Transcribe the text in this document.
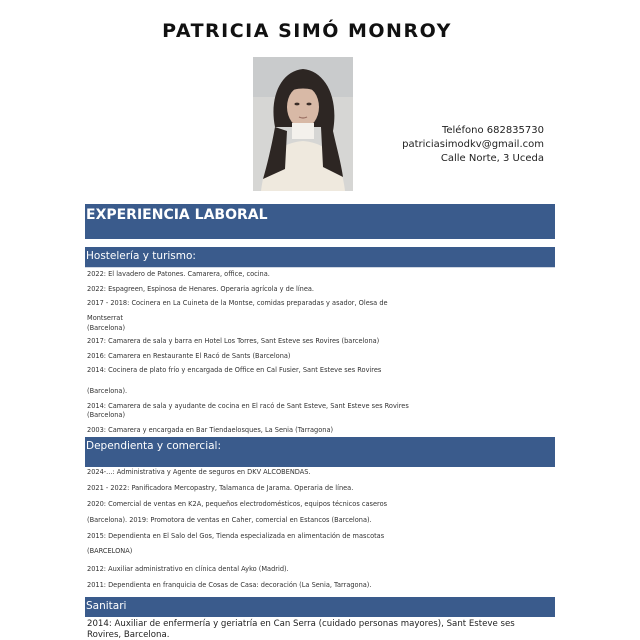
PATRICIA SIMÓ MONROY
Teléfono 682835730
patriciasimodkv@gmail.com
Calle Norte, 3 Uceda
EXPERIENCIA LABORAL
Hostelería y turismo:
2022: El lavadero de Patones. Camarera, office, cocina.
2022: Espagreen, Espinosa de Henares. Operaria agrícola y de línea.
2017 - 2018: Cocinera en La Cuineta de la Montse, comidas preparadas y asador, Olesa de
Montserrat
(Barcelona)
2017: Camarera de sala y barra en Hotel Los Torres, Sant Esteve ses Rovires (barcelona)
2016: Camarera en Restaurante El Racó de Sants (Barcelona)
2014: Cocinera de plato frío y encargada de Office en Cal Fusier, Sant Esteve ses Rovires
(Barcelona).
2014: Camarera de sala y ayudante de cocina en El racó de Sant Esteve, Sant Esteve ses Rovires
(Barcelona)
2003: Camarera y encargada en Bar Tiendaelosques, La Senia (Tarragona)
Dependienta y comercial:
2024-...: Administrativa y Agente de seguros en DKV ALCOBENDAS.
2021 - 2022: Panificadora Mercopastry, Talamanca de Jarama. Operaria de línea.
2020: Comercial de ventas en K2A, pequeños electrodomésticos, equipos técnicos caseros
(Barcelona). 2019: Promotora de ventas en Caher, comercial en Estancos (Barcelona).
2015: Dependienta en El Salo del Gos, Tienda especializada en alimentación de mascotas
(BARCELONA)
2012: Auxiliar administrativo en clínica dental Ayko (Madrid).
2011: Dependienta en franquicia de Cosas de Casa: decoración (La Senia, Tarragona).
Sanitari
2014: Auxiliar de enfermería y geriatría en Can Serra (cuidado personas mayores), Sant Esteve ses
Rovires, Barcelona.
